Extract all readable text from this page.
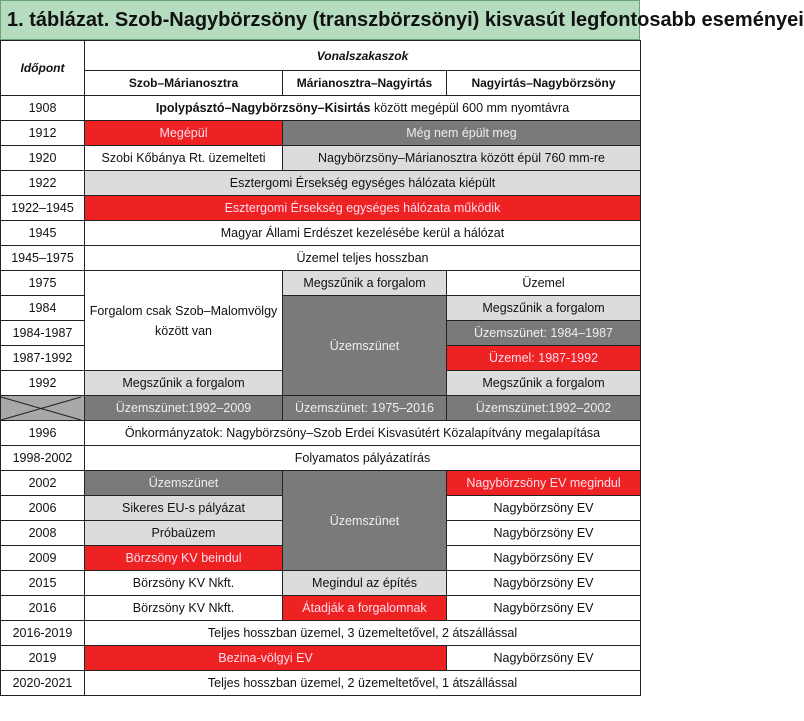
1. táblázat. Szob-Nagybörzsöny (transzbörzsönyi) kisvasút legfontosabb eseményei
Időpont	Vonalszakaszok		
	Szob–Márianosztra	Márianosztra–Nagyirtás	Nagyirtás–Nagybörzsöny
1908	Ipolypásztó–Nagybörzsöny–Kisirtás között megépül 600 mm nyomtávra		
1912	Megépül	Még nem épült meg	
1920	Szobi Kőbánya Rt. üzemelteti	Nagybörzsöny–Márianosztra között épül 760 mm-re	
1922	Esztergomi Érsekség egységes hálózata kiépült		
1922–1945	Esztergomi Érsekség egységes hálózata működik		
1945	Magyar Állami Erdészet kezelésébe kerül a hálózat		
1945–1975	Üzemel teljes hosszban		
1975	Forgalom csak Szob–Malomvölgy között van	Megszűnik a forgalom	Üzemel
1984		Üzemszünet	Megszűnik a forgalom
1984-1987			Üzemszünet: 1984–1987
1987-1992			Üzemel: 1987-1992
1992	Megszűnik a forgalom		Megszűnik a forgalom

	Üzemszünet:1992–2009	Üzemszünet: 1975–2016	Üzemszünet:1992–2002
1996	Önkormányzatok: Nagybörzsöny–Szob Erdei Kisvasútért Közalapítvány megalapítása		
1998-2002	Folyamatos pályázatírás		
2002	Üzemszünet	Üzemszünet	Nagybörzsöny EV megindul
2006	Sikeres EU-s pályázat		Nagybörzsöny EV
2008	Próbaüzem		Nagybörzsöny EV
2009	Börzsöny KV beindul		Nagybörzsöny EV
2015	Börzsöny KV Nkft.	Megindul az építés	Nagybörzsöny EV
2016	Börzsöny KV Nkft.	Átadják a forgalomnak	Nagybörzsöny EV
2016-2019	Teljes hosszban üzemel, 3 üzemeltetővel, 2 átszállással		
2019	Bezina-völgyi EV		Nagybörzsöny EV
2020-2021	Teljes hosszban üzemel, 2 üzemeltetővel, 1 átszállással		
